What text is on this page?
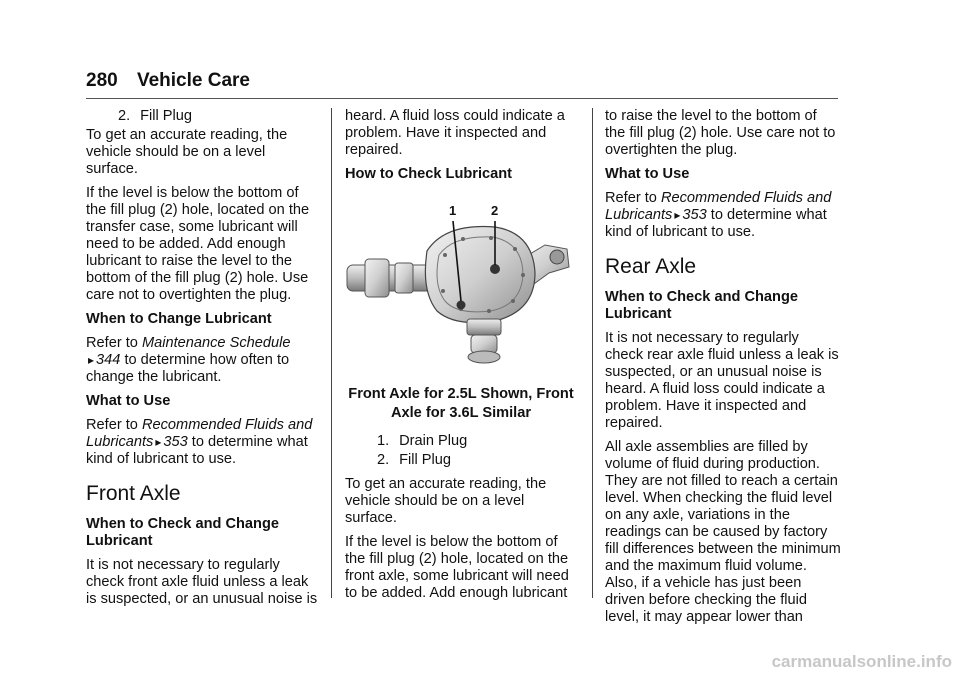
280 Vehicle Care

2. Fill Plug

To get an accurate reading, the vehicle should be on a level surface.

If the level is below the bottom of the fill plug (2) hole, located on the transfer case, some lubricant will need to be added. Add enough lubricant to raise the level to the bottom of the fill plug (2) hole. Use care not to overtighten the plug.

When to Change Lubricant

Refer to Maintenance Schedule
▸ 344 to determine how often to change the lubricant.

What to Use

Refer to Recommended Fluids and Lubricants ▸ 353 to determine what kind of lubricant to use.

Front Axle

When to Check and Change Lubricant

It is not necessary to regularly check front axle fluid unless a leak is suspected, or an unusual noise is

heard. A fluid loss could indicate a problem. Have it inspected and repaired.

How to Check Lubricant

1	2

Front Axle for 2.5L Shown, Front Axle for 3.6L Similar

1. Drain Plug

2. Fill Plug

To get an accurate reading, the vehicle should be on a level surface.

If the level is below the bottom of the fill plug (2) hole, located on the front axle, some lubricant will need to be added. Add enough lubricant

to raise the level to the bottom of the fill plug (2) hole. Use care not to overtighten the plug.

What to Use

Refer to Recommended Fluids and Lubricants ▸ 353 to determine what kind of lubricant to use.

Rear Axle

When to Check and Change Lubricant

It is not necessary to regularly check rear axle fluid unless a leak is suspected, or an unusual noise is heard. A fluid loss could indicate a problem. Have it inspected and repaired.

All axle assemblies are filled by volume of fluid during production. They are not filled to reach a certain level. When checking the fluid level on any axle, variations in the readings can be caused by factory fill differences between the minimum and the maximum fluid volume. Also, if a vehicle has just been driven before checking the fluid level, it may appear lower than

carmanualsonline.info
